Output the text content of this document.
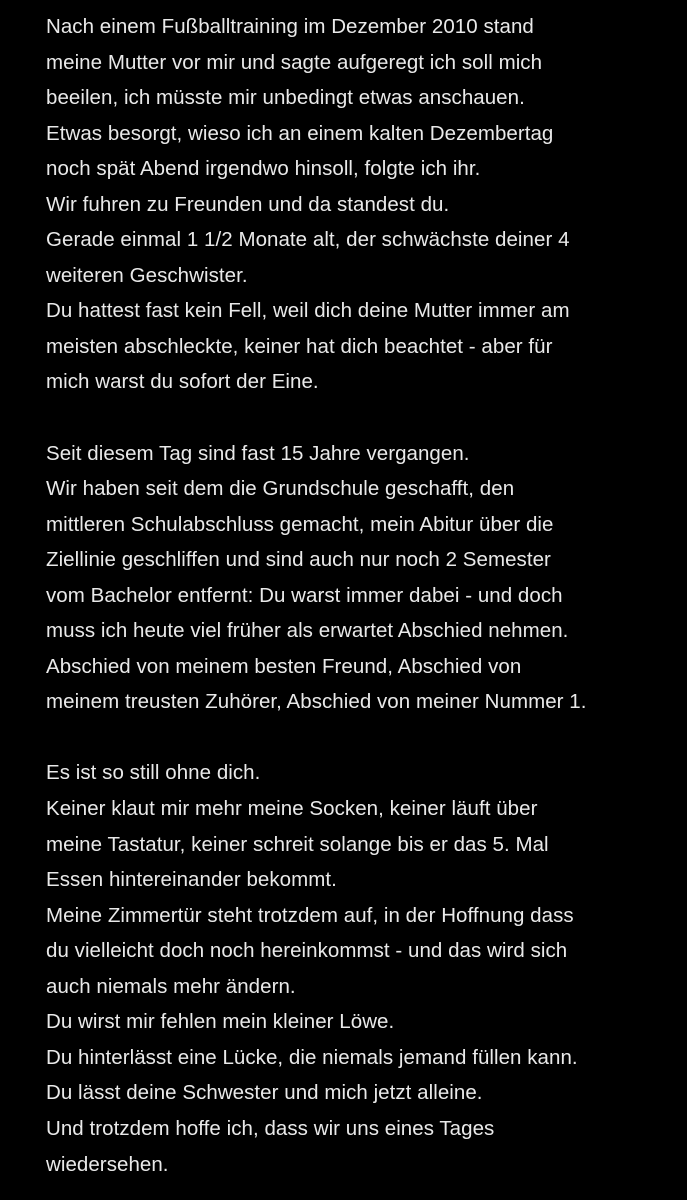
Nach einem Fußballtraining im Dezember 2010 stand
meine Mutter vor mir und sagte aufgeregt ich soll mich
beeilen, ich müsste mir unbedingt etwas anschauen.
Etwas besorgt, wieso ich an einem kalten Dezembertag
noch spät Abend irgendwo hinsoll, folgte ich ihr.
Wir fuhren zu Freunden und da standest du.
Gerade einmal 1 1/2 Monate alt, der schwächste deiner 4
weiteren Geschwister.
Du hattest fast kein Fell, weil dich deine Mutter immer am
meisten abschleckte, keiner hat dich beachtet - aber für
mich warst du sofort der Eine.
Seit diesem Tag sind fast 15 Jahre vergangen.
Wir haben seit dem die Grundschule geschafft, den
mittleren Schulabschluss gemacht, mein Abitur über die
Ziellinie geschliffen und sind auch nur noch 2 Semester
vom Bachelor entfernt: Du warst immer dabei - und doch
muss ich heute viel früher als erwartet Abschied nehmen.
Abschied von meinem besten Freund, Abschied von
meinem treusten Zuhörer, Abschied von meiner Nummer 1.
Es ist so still ohne dich.
Keiner klaut mir mehr meine Socken, keiner läuft über
meine Tastatur, keiner schreit solange bis er das 5. Mal
Essen hintereinander bekommt.
Meine Zimmertür steht trotzdem auf, in der Hoffnung dass
du vielleicht doch noch hereinkommst - und das wird sich
auch niemals mehr ändern.
Du wirst mir fehlen mein kleiner Löwe.
Du hinterlässt eine Lücke, die niemals jemand füllen kann.
Du lässt deine Schwester und mich jetzt alleine.
Und trotzdem hoffe ich, dass wir uns eines Tages
wiedersehen.
